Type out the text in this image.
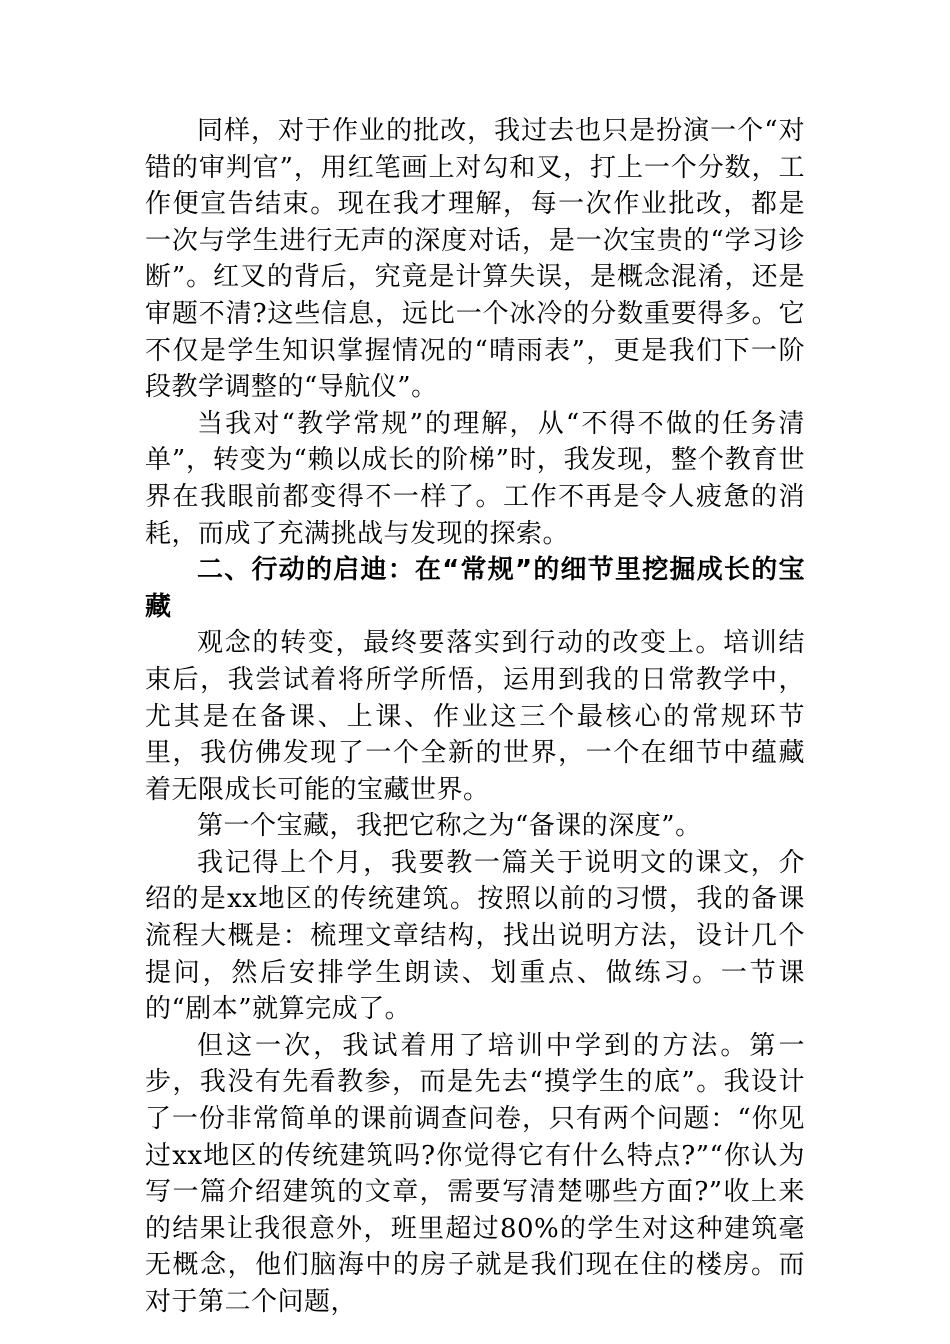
同样，对于作业的批改，我过去也只是扮演一个“对错的审判官”，用红笔画上对勾和叉，打上一个分数，工作便宣告结束。现在我才理解，每一次作业批改，都是一次与学生进行无声的深度对话，是一次宝贵的“学习诊断”。红叉的背后，究竟是计算失误，是概念混淆，还是审题不清?这些信息，远比一个冰冷的分数重要得多。它不仅是学生知识掌握情况的“晴雨表”，更是我们下一阶段教学调整的“导航仪”。

当我对“教学常规”的理解，从“不得不做的任务清单”，转变为“赖以成长的阶梯”时，我发现，整个教育世界在我眼前都变得不一样了。工作不再是令人疲惫的消耗，而成了充满挑战与发现的探索。

二、行动的启迪：在“常规”的细节里挖掘成长的宝藏

观念的转变，最终要落实到行动的改变上。培训结束后，我尝试着将所学所悟，运用到我的日常教学中，尤其是在备课、上课、作业这三个最核心的常规环节里，我仿佛发现了一个全新的世界，一个在细节中蕴藏着无限成长可能的宝藏世界。

第一个宝藏，我把它称之为“备课的深度”。

我记得上个月，我要教一篇关于说明文的课文，介绍的是xx地区的传统建筑。按照以前的习惯，我的备课流程大概是：梳理文章结构，找出说明方法，设计几个提问，然后安排学生朗读、划重点、做练习。一节课的“剧本”就算完成了。

但这一次，我试着用了培训中学到的方法。第一步，我没有先看教参，而是先去“摸学生的底”。我设计了一份非常简单的课前调查问卷，只有两个问题：“你见过xx地区的传统建筑吗?你觉得它有什么特点?”“你认为写一篇介绍建筑的文章，需要写清楚哪些方面?”收上来的结果让我很意外，班里超过80%的学生对这种建筑毫无概念，他们脑海中的房子就是我们现在住的楼房。而对于第二个问题，
